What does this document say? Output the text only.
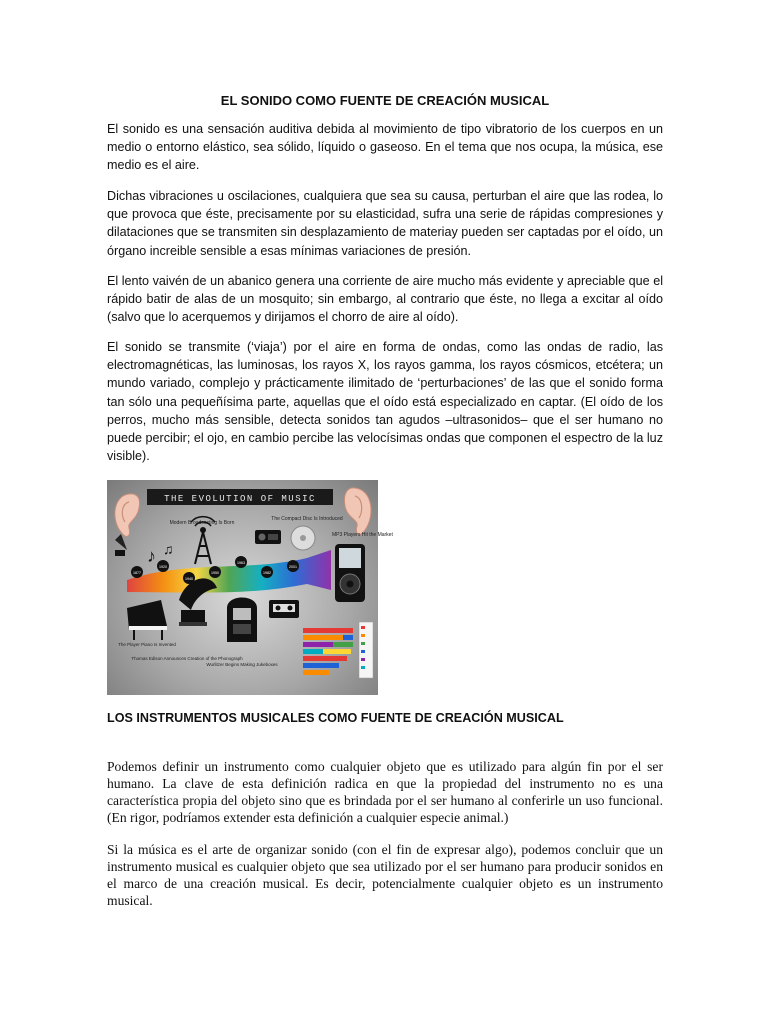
EL SONIDO COMO FUENTE DE CREACIÓN MUSICAL

El sonido es una sensación auditiva debida al movimiento de tipo vibratorio de los cuerpos en un medio o entorno elástico, sea sólido, líquido o gaseoso. En el tema que nos ocupa, la música, ese medio es el aire.

Dichas vibraciones u oscilaciones, cualquiera que sea su causa, perturban el aire que las rodea, lo que provoca que éste, precisamente por su elasticidad, sufra una serie de rápidas compresiones y dilataciones que se transmiten sin desplazamiento de materiay pueden ser captadas por el oído, un órgano increible sensible a esas mínimas variaciones de presión.

El lento vaivén de un abanico genera una corriente de aire mucho más evidente y apreciable que el rápido batir de alas de un mosquito; sin embargo, al contrario que éste, no llega a excitar al oído (salvo que lo acerquemos y dirijamos el chorro de aire al oído).

El sonido se transmite (‘viaja’) por el aire en forma de ondas, como las ondas de radio, las electromagnéticas, las luminosas, los rayos X, los rayos gamma, los rayos cósmicos, etcétera; un mundo variado, complejo y prácticamente ilimitado de ‘perturbaciones’ de las que el sonido forma tan sólo una pequeñísima parte, aquellas que el oído está especializado en captar. (El oído de los perros, mucho más sensible, detecta sonidos tan agudos –ultrasonidos– que el ser humano no puede percibir; el ojo, en cambio percibe las velocísimas ondas que componen el espectro de la luz visible).

THE EVOLUTION OF MUSIC
Modern Broadcasting Is Born
The Compact Disc Is Introduced
MP3 Players Hit the Market
Thomas Edison Announces Creation of the Phonograph
Wurlitzer Begins Making Jukeboxes
The Player Piano Is Invented
♪ ♫
1877
1920
1940
1950
1963
1982
2001
LOS INSTRUMENTOS MUSICALES COMO FUENTE DE CREACIÓN MUSICAL

Podemos definir un instrumento como cualquier objeto que es utilizado para algún fin por el ser humano. La clave de esta definición radica en que la propiedad del instrumento no es una característica propia del objeto sino que es brindada por el ser humano al conferirle un uso funcional. (En rigor, podríamos extender esta definición a cualquier especie animal.)

Si la música es el arte de organizar sonido (con el fin de expresar algo), podemos concluir que un instrumento musical es cualquier objeto que sea utilizado por el ser humano para producir sonidos en el marco de una creación musical. Es decir, potencialmente cualquier objeto es un instrumento musical.
